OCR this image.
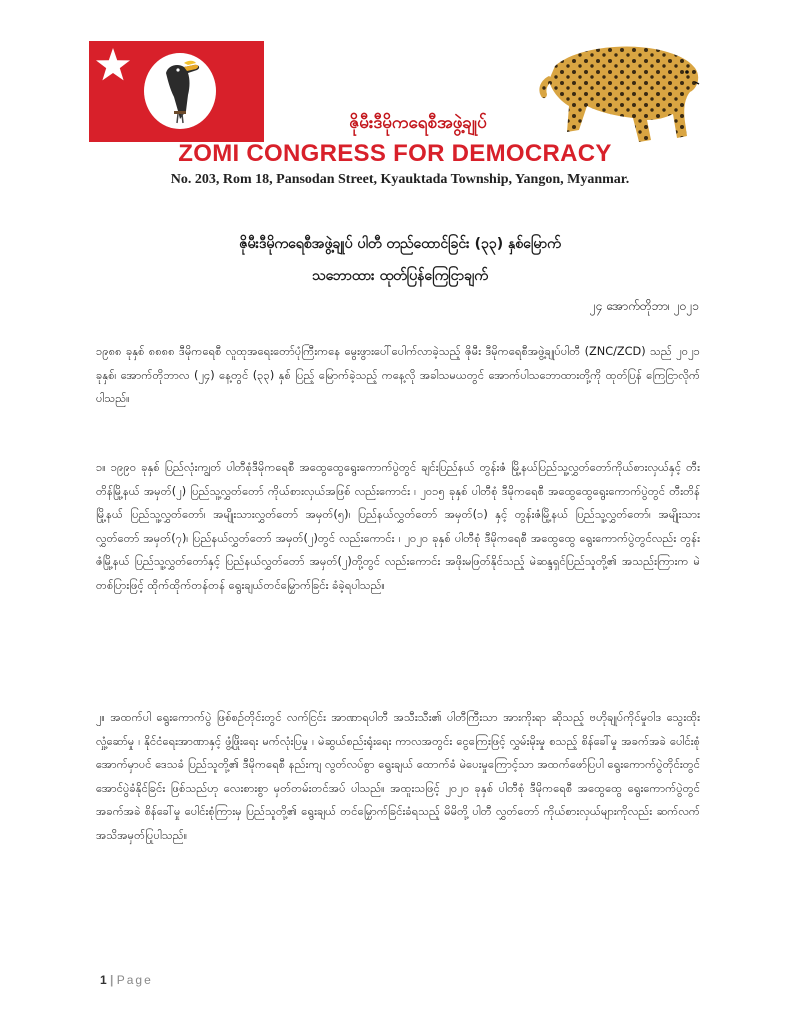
ဇိုမီးဒီမိုကရေစီအဖွဲ့ချုပ်
ZOMI CONGRESS FOR DEMOCRACY
No. 203, Rom 18, Pansodan Street, Kyauktada Township, Yangon, Myanmar.
ဇိုမီးဒီမိုကရေစီအဖွဲ့ချုပ် ပါတီ တည်ထောင်ခြင်း (၃၃) နှစ်မြောက်
သဘောထား ထုတ်ပြန်ကြေငြာချက်
၂၄ အောက်တိုဘာ၊ ၂၀၂၁
၁၉၈၈ ခုနှစ် ၈၈၈၈ ဒီမိုကရေစီ လူထုအရေးတော်ပုံကြီးကနေ မွေးဖွားပေါ်ပေါက်လာခဲ့သည့် ဇိုမီး ဒီမိုကရေစီအဖွဲ့ချုပ်ပါတီ (ZNC/ZCD) သည် ၂၀၂၁ ခုနှစ်၊ အောက်တိုဘာလ (၂၄) နေ့တွင် (၃၃) နှစ် ပြည့် မြောက်ခဲ့သည့် ကနေ့လို အခါသမယတွင် အောက်ပါသဘောထားတို့ကို ထုတ်ပြန် ကြေငြာလိုက် ပါသည်။
၁။ ၁၉၉၀ ခုနှစ် ပြည်လုံးကျွတ် ပါတီစုံဒီမိုကရေစီ အထွေထွေရွေးကောက်ပွဲတွင် ချင်းပြည်နယ် တွန်းဇံ မြို့နယ်ပြည်သူ့လွှတ်တော်ကိုယ်စားလှယ်နှင့် တီးတိန်မြို့နယ် အမှတ်(၂) ပြည်သူ့လွှတ်တော် ကိုယ်စားလှယ်အဖြစ် လည်းကောင်း ၊ ၂၀၁၅ ခုနှစ် ပါတီစုံ ဒီမိုကရေစီ အထွေထွေရွေးကောက်ပွဲတွင် တီးတိန်မြို့နယ် ပြည်သူ့လွှတ်တော်၊ အမျိုးသားလွှတ်တော် အမှတ်(၅)၊ ပြည်နယ်လွှတ်တော် အမှတ်(၁) နှင့် တွန်းဇံမြို့နယ် ပြည်သူ့လွှတ်တော်၊ အမျိုးသားလွှတ်တော် အမှတ်(၇)၊ ပြည်နယ်လွှတ်တော် အမှတ်(၂)တွင် လည်းကောင်း ၊ ၂၀၂၀ ခုနှစ် ပါတီစုံ ဒီမိုကရေစီ အထွေထွေ ရွေးကောက်ပွဲတွင်လည်း တွန်းဇံမြို့နယ် ပြည်သူ့လွှတ်တော်နှင့် ပြည်နယ်လွှတ်တော် အမှတ်(၂)တို့တွင် လည်းကောင်း အဖိုးမဖြတ်နိုင်သည့် မဲဆန္ဒရှင်ပြည်သူတို့၏ အသည်းကြားက မဲတစ်ပြားဖြင့် ထိုက်ထိုက်တန်တန် ရွေးချယ်တင်မြှောက်ခြင်း ခံခဲ့ရပါသည်။
၂။ အထက်ပါ ရွေးကောက်ပွဲ ဖြစ်စဉ်တိုင်းတွင် လက်ငြင်း အာဏာရပါတီ အသီးသီး၏ ပါတီကြီးသာ အားကိုးရာ ဆိုသည့် ဗဟိုချုပ်ကိုင်မှုဝါဒ သွေးထိုး လှုံ့ဆော်မှု ၊ နိုင်ငံရေးအာဏာနှင့် ဖွံ့ဖြိုးရေး မက်လုံးပြမှု ၊ မဲဆွယ်စည်းရုံးရေး ကာလအတွင်း ငွေကြေးဖြင့် လွှမ်းမိုးမှု စသည့် စိန်ခေါ်မှု အခက်အခဲ ပေါင်းစုံ အောက်မှာပင် ဒေသခံ ပြည်သူတို့၏ ဒီမိုကရေစီ နည်းကျ လွတ်လပ်စွာ ရွေးချယ် ထောက်ခံ မဲပေးမှုကြောင့်သာ အထက်ဖော်ပြပါ ရွေးကောက်ပွဲတိုင်းတွင် အောင်ပွဲခံနိုင်ခြင်း ဖြစ်သည်ဟု လေးစားစွာ မှတ်တမ်းတင်အပ် ပါသည်။ အထူးသဖြင့် ၂၀၂၀ ခုနှစ် ပါတီစုံ ဒီမိုကရေစီ အထွေထွေ ရွေးကောက်ပွဲတွင် အခက်အခဲ စိန်ခေါ်မှု ပေါင်းစုံကြားမှ ပြည်သူတို့၏ ရွေးချယ် တင်မြှောက်ခြင်းခံရသည့် မိမိတို့ ပါတီ လွှတ်တော် ကိုယ်စားလှယ်များကိုလည်း ဆက်လက် အသိအမှတ်ပြုပါသည်။
1 | Page
